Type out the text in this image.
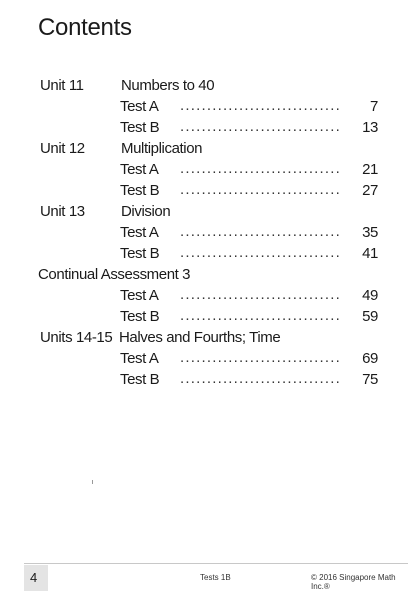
Contents
Unit 11 Numbers to 40
Test A .............................. 7
Test B .............................. 13
Unit 12 Multiplication
Test A .............................. 21
Test B .............................. 27
Unit 13 Division
Test A .............................. 35
Test B .............................. 41
Continual Assessment 3
Test A .............................. 49
Test B .............................. 59
Units 14-15 Halves and Fourths; Time
Test A .............................. 69
Test B .............................. 75
4	Tests 1B	© 2016 Singapore Math Inc.®
